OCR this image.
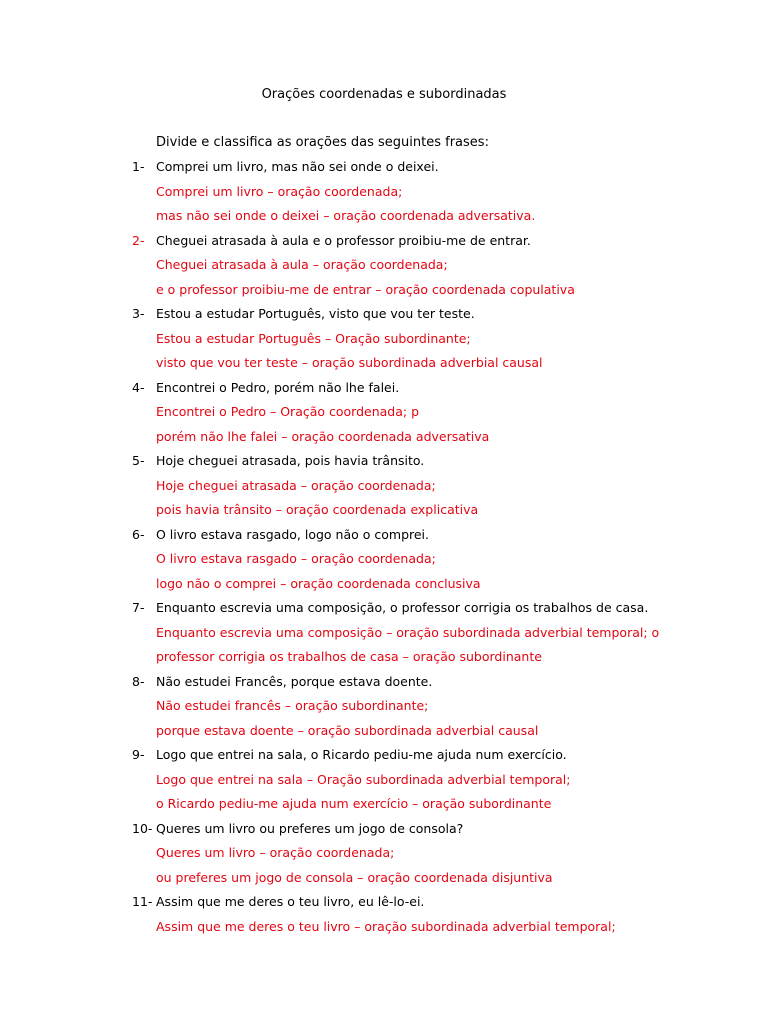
Orações coordenadas e subordinadas
Divide e classifica as orações das seguintes frases:
1- Comprei um livro, mas não sei onde o deixei.
Comprei um livro – oração coordenada;
mas não sei onde o deixei – oração coordenada adversativa.
2- Cheguei atrasada à aula e o professor proibiu-me de entrar.
Cheguei atrasada à aula – oração coordenada;
e o professor proibiu-me de entrar – oração coordenada copulativa
3- Estou a estudar Português, visto que vou ter teste.
Estou a estudar Português – Oração subordinante;
visto que vou ter teste – oração subordinada adverbial causal
4- Encontrei o Pedro, porém não lhe falei.
Encontrei o Pedro – Oração coordenada; p
porém não lhe falei – oração coordenada adversativa
5- Hoje cheguei atrasada, pois havia trânsito.
Hoje cheguei atrasada – oração coordenada;
pois havia trânsito – oração coordenada explicativa
6- O livro estava rasgado, logo não o comprei.
O livro estava rasgado – oração coordenada;
logo não o comprei – oração coordenada conclusiva
7- Enquanto escrevia uma composição, o professor corrigia os trabalhos de casa.
Enquanto escrevia uma composição – oração subordinada adverbial temporal; o
professor corrigia os trabalhos de casa – oração subordinante
8- Não estudei Francês, porque estava doente.
Não estudei francês – oração subordinante;
porque estava doente – oração subordinada adverbial causal
9- Logo que entrei na sala, o Ricardo pediu-me ajuda num exercício.
Logo que entrei na sala – Oração subordinada adverbial temporal;
o Ricardo pediu-me ajuda num exercício – oração subordinante
10- Queres um livro ou preferes um jogo de consola?
Queres um livro – oração coordenada;
ou preferes um jogo de consola – oração coordenada disjuntiva
11- Assim que me deres o teu livro, eu lê-lo-ei.
Assim que me deres o teu livro – oração subordinada adverbial temporal;
